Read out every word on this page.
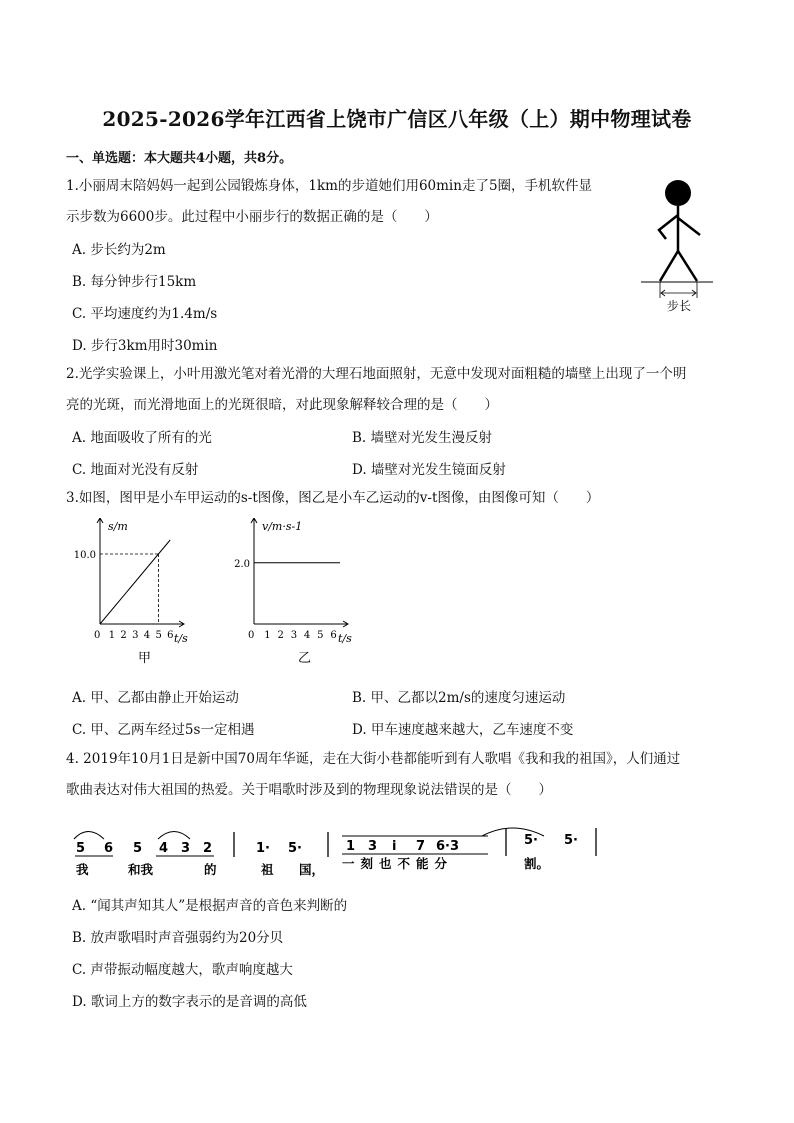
2025-2026学年江西省上饶市广信区八年级（上）期中物理试卷
一、单选题：本大题共4小题，共8分。
1.小丽周末陪妈妈一起到公园锻炼身体，1km的步道她们用60min走了5圈，手机软件显
示步数为6600步。此过程中小丽步行的数据正确的是（　　）
A. 步长约为2m
B. 每分钟步行15km
C. 平均速度约为1.4m/s
D. 步行3km用时30min
步长
2.光学实验课上，小叶用激光笔对着光滑的大理石地面照射，无意中发现对面粗糙的墙壁上出现了一个明
亮的光斑，而光滑地面上的光斑很暗，对此现象解释较合理的是（　　）
A. 地面吸收了所有的光	B. 墙壁对光发生漫反射
C. 地面对光没有反射	D. 墙壁对光发生镜面反射
3.如图，图甲是小车甲运动的s-t图像，图乙是小车乙运动的v-t图像，由图像可知（　　）
0 1 2 3 4 5 6 t/s
s/m
10.0
甲
0 1 2 3 4 5 6 t/s
v/m·s-1
2.0
乙
A. 甲、乙都由静止开始运动	B. 甲、乙都以2m/s的速度匀速运动
C. 甲、乙两车经过5s一定相遇	D. 甲车速度越来越大，乙车速度不变
4. 2019年10月1日是新中国70周年华诞，走在大街小巷都能听到有人歌唱《我和我的祖国》，人们通过
歌曲表达对伟大祖国的热爱。关于唱歌时涉及到的物理现象说法错误的是（　　）
5 6 5 4 3 2	1· 5·	1 3 i 7 6·3	5· 5·
我	和我	的	祖 国， 一刻也不能分	割。
A. “闻其声知其人”是根据声音的音色来判断的
B. 放声歌唱时声音强弱约为20分贝
C. 声带振动幅度越大，歌声响度越大
D. 歌词上方的数字表示的是音调的高低
